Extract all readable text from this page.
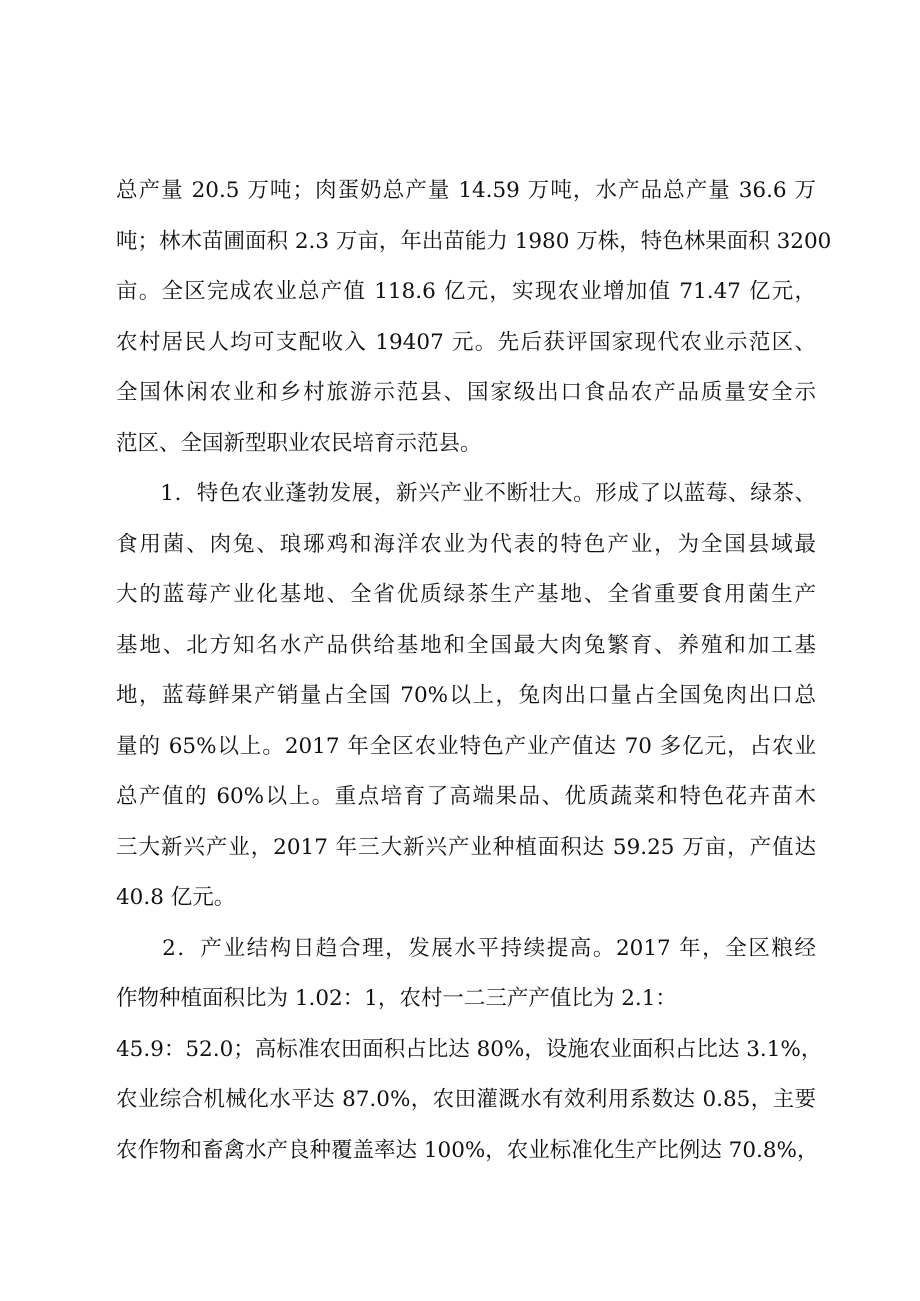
总产量 20.5 万吨；肉蛋奶总产量 14.59 万吨，水产品总产量 36.6 万
吨；林木苗圃面积 2.3 万亩，年出苗能力 1980 万株，特色林果面积 3200
亩。全区完成农业总产值 118.6 亿元，实现农业增加值 71.47 亿元，
农村居民人均可支配收入 19407 元。先后获评国家现代农业示范区、
全国休闲农业和乡村旅游示范县、国家级出口食品农产品质量安全示
范区、全国新型职业农民培育示范县。
　　1．特色农业蓬勃发展，新兴产业不断壮大。形成了以蓝莓、绿茶、
食用菌、肉兔、琅琊鸡和海洋农业为代表的特色产业，为全国县域最
大的蓝莓产业化基地、全省优质绿茶生产基地、全省重要食用菌生产
基地、北方知名水产品供给基地和全国最大肉兔繁育、养殖和加工基
地，蓝莓鲜果产销量占全国 70%以上，兔肉出口量占全国兔肉出口总
量的 65%以上。2017 年全区农业特色产业产值达 70 多亿元，占农业
总产值的 60%以上。重点培育了高端果品、优质蔬菜和特色花卉苗木
三大新兴产业，2017 年三大新兴产业种植面积达 59.25 万亩，产值达
40.8 亿元。
　　2．产业结构日趋合理，发展水平持续提高。2017 年，全区粮经
作物种植面积比为 1.02：1，农村一二三产产值比为 2.1：
45.9：52.0；高标准农田面积占比达 80%，设施农业面积占比达 3.1%，
农业综合机械化水平达 87.0%，农田灌溉水有效利用系数达 0.85，主要
农作物和畜禽水产良种覆盖率达 100%，农业标准化生产比例达 70.8%，
